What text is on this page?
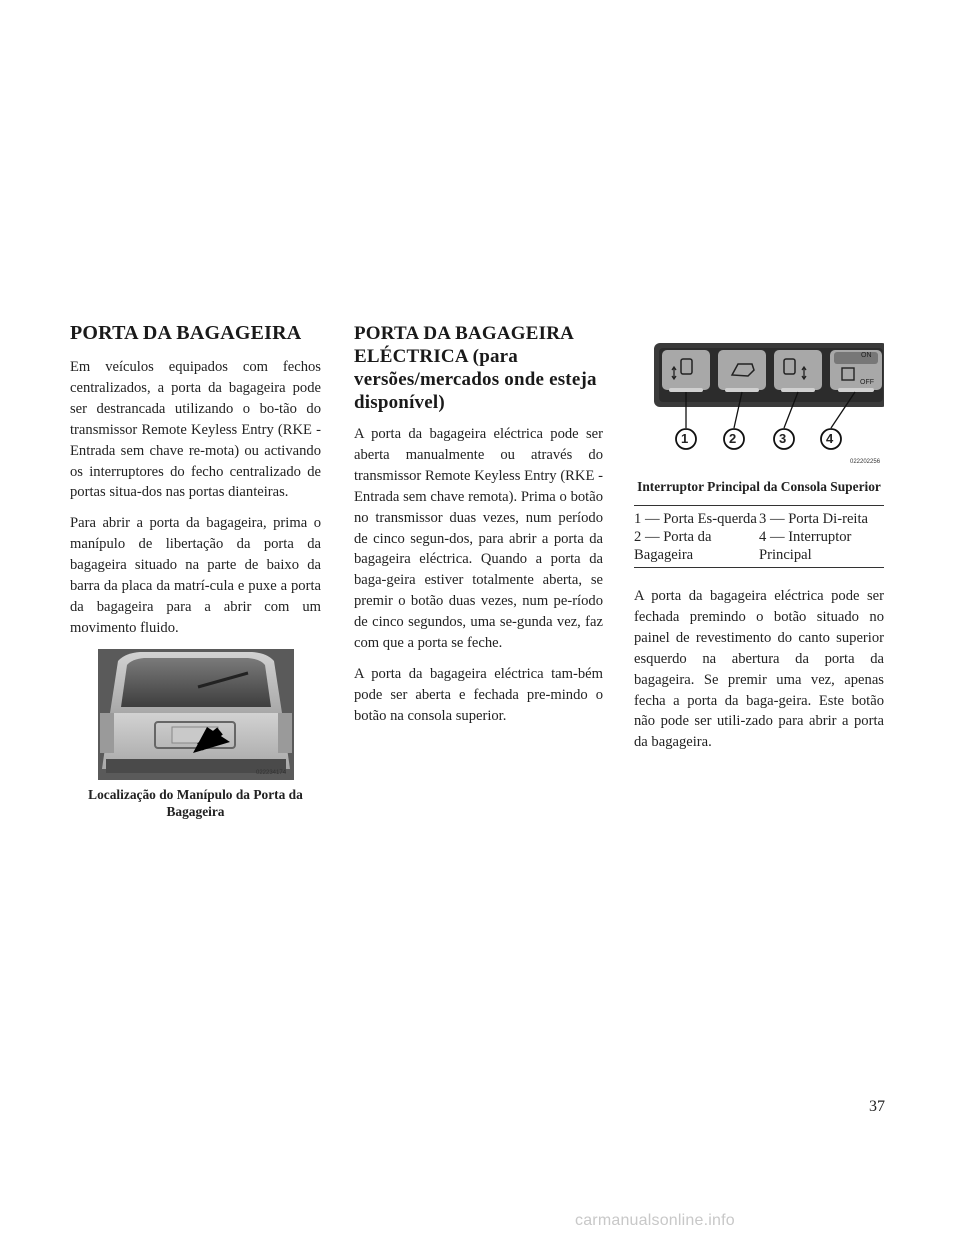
PORTA DA BAGAGEIRA

Em veículos equipados com fechos centralizados, a porta da bagageira pode ser destrancada utilizando o bo-tão do transmissor Remote Keyless Entry (RKE - Entrada sem chave re-mota) ou activando os interruptores do fecho centralizado de portas situa-dos nas portas dianteiras.

Para abrir a porta da bagageira, prima o manípulo de libertação da porta da bagageira situado na parte de baixo da barra da placa da matrí-cula e puxe a porta da bagageira para a abrir com um movimento fluido.

022234174
Localização do Manípulo da Porta da Bagageira
PORTA DA BAGAGEIRA ELÉCTRICA (para versões/mercados onde esteja disponível)

A porta da bagageira eléctrica pode ser aberta manualmente ou através do transmissor Remote Keyless Entry (RKE - Entrada sem chave remota). Prima o botão no transmissor duas vezes, num período de cinco segun-dos, para abrir a porta da bagageira eléctrica. Quando a porta da baga-geira estiver totalmente aberta, se premir o botão duas vezes, num pe-ríodo de cinco segundos, uma se-gunda vez, faz com que a porta se feche.

A porta da bagageira eléctrica tam-bém pode ser aberta e fechada pre-mindo o botão na consola superior.

ON
OFF
1	2	3	4
022202256
Interruptor Principal da Consola Superior
1 — Porta Es-querda	3 — Porta Di-reita
2 — Porta da Bagageira	4 — Interruptor Principal

A porta da bagageira eléctrica pode ser fechada premindo o botão situado no painel de revestimento do canto superior esquerdo na abertura da porta da bagageira. Se premir uma vez, apenas fecha a porta da baga-geira. Este botão não pode ser utili-zado para abrir a porta da bagageira.

37
carmanualsonline.info
